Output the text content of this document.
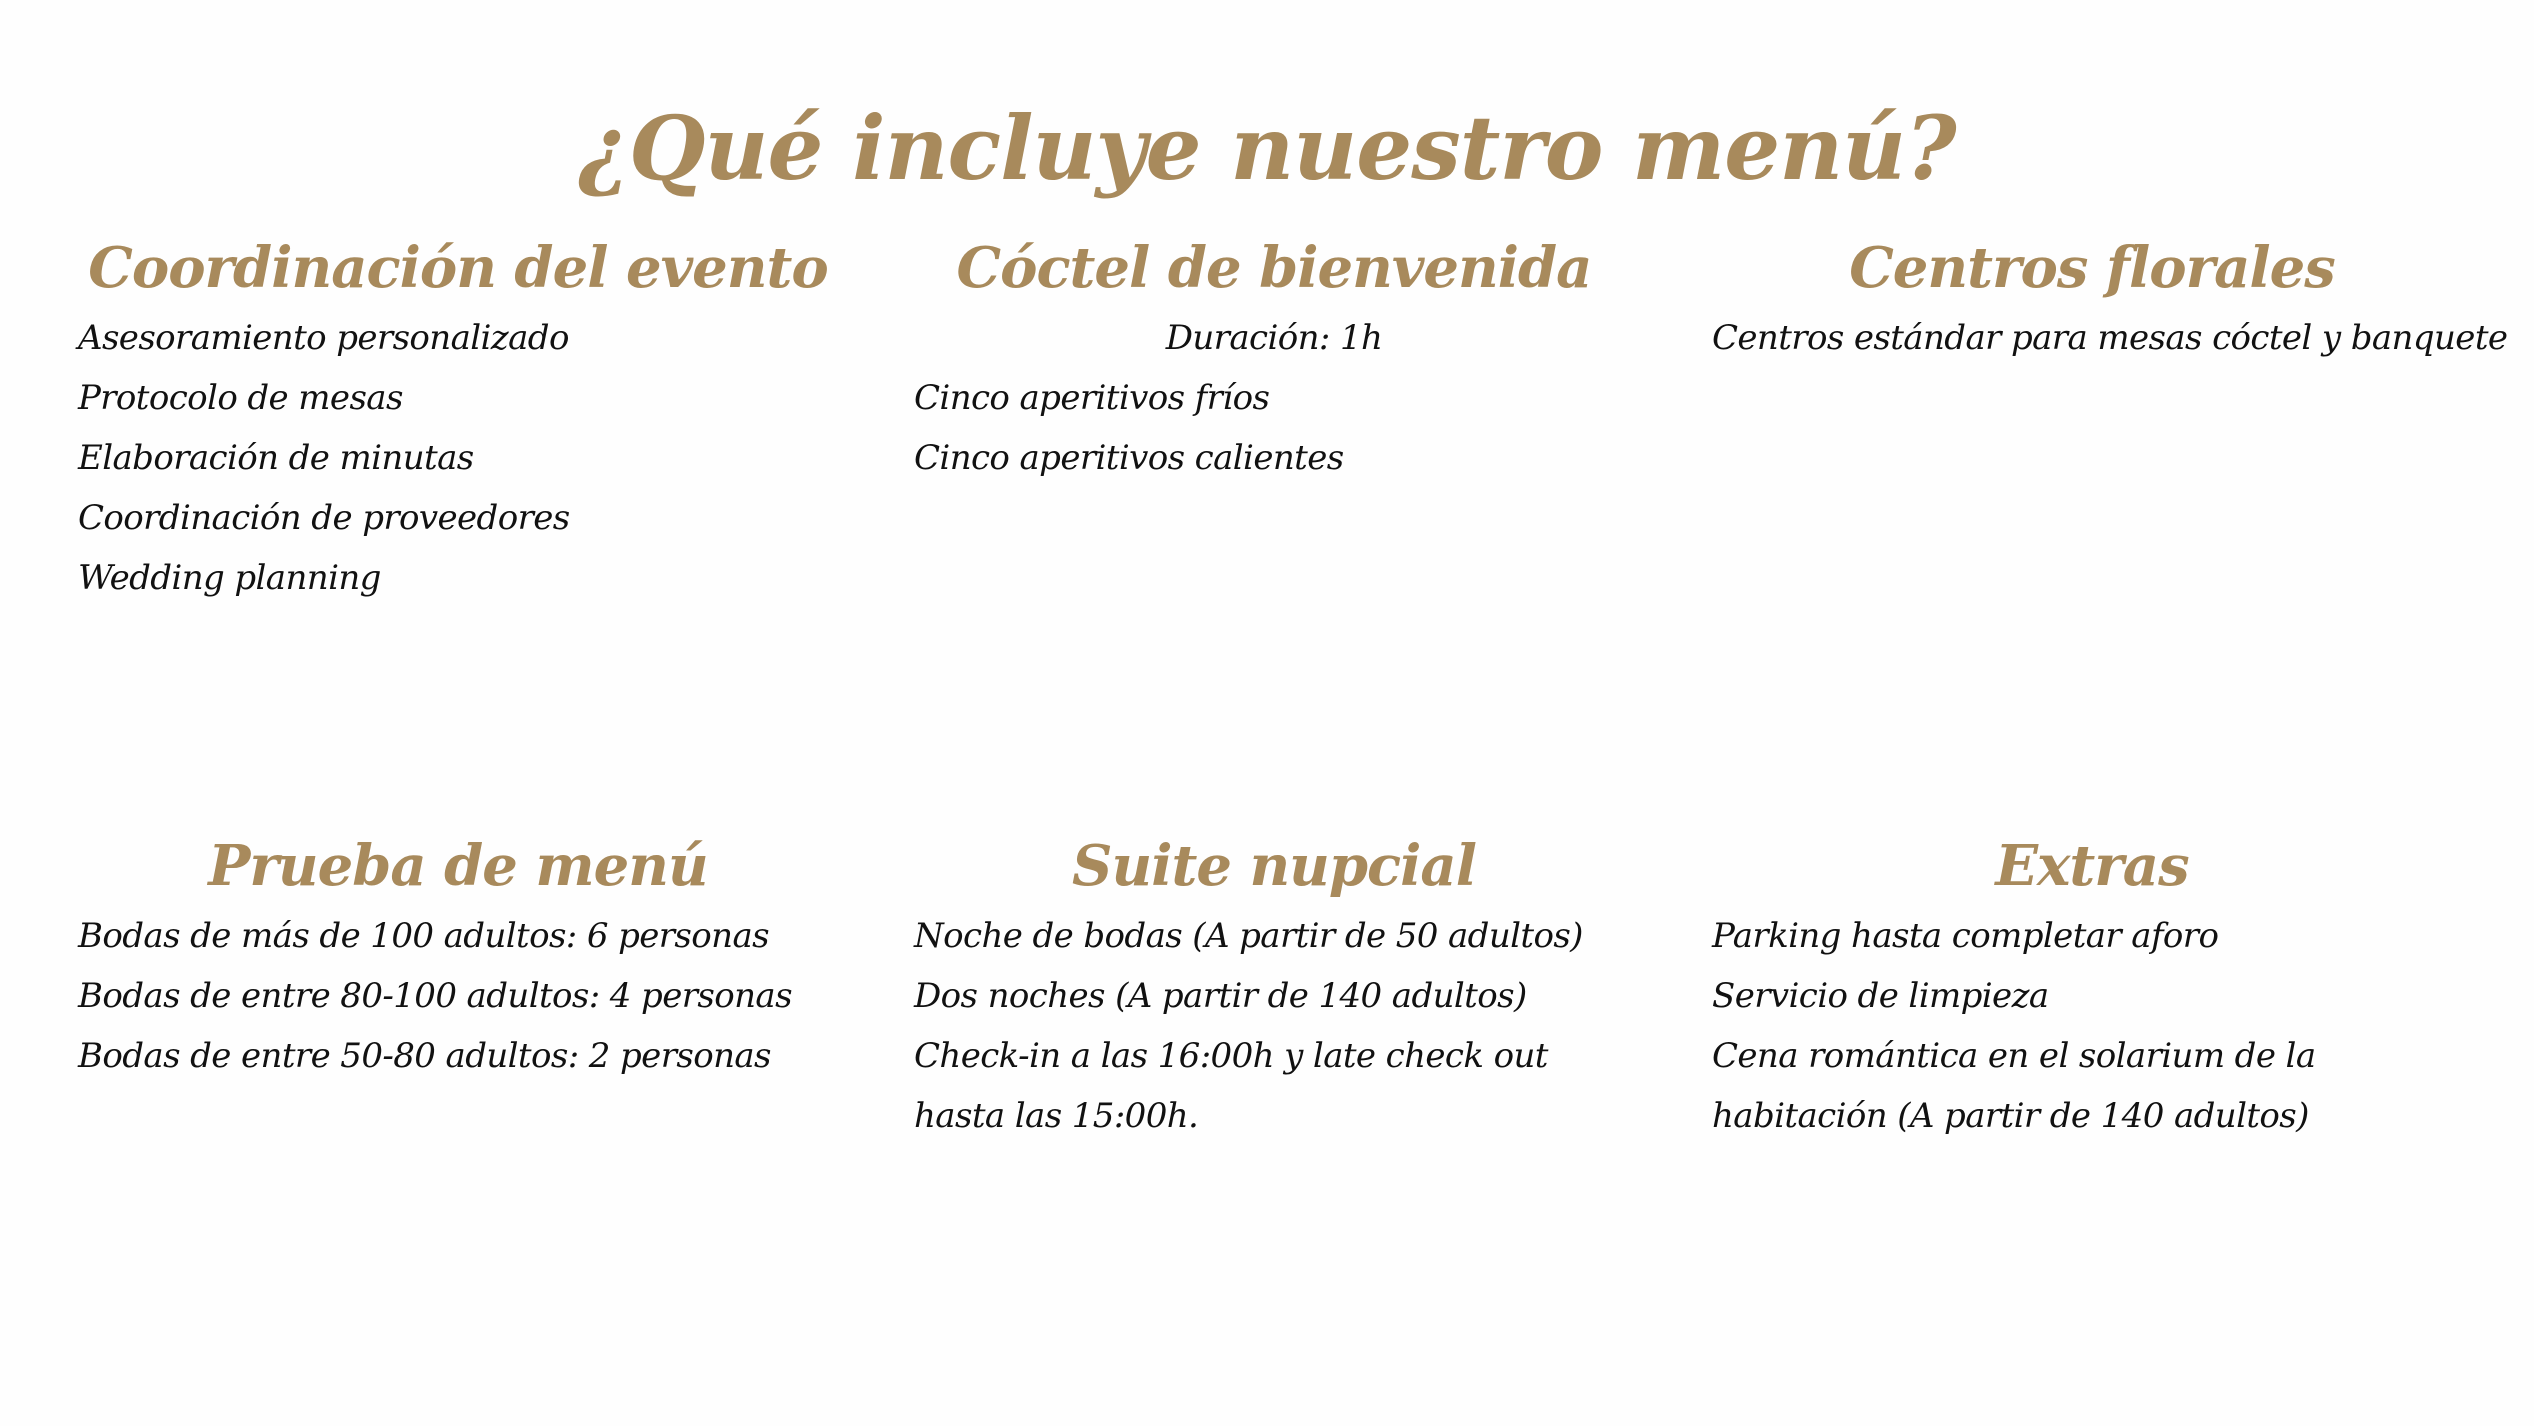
¿Qué incluye nuestro menú?
Coordinación del evento
Asesoramiento personalizado
Protocolo de mesas
Elaboración de minutas
Coordinación de proveedores
Wedding planning
Cóctel de bienvenida
Duración: 1h
Cinco aperitivos fríos
Cinco aperitivos calientes
Centros florales
Centros estándar para mesas cóctel y banquete
Prueba de menú
Bodas de más de 100 adultos: 6 personas
Bodas de entre 80-100 adultos: 4 personas
Bodas de entre 50-80 adultos: 2 personas
Suite nupcial
Noche de bodas (A partir de 50 adultos)
Dos noches (A partir de 140 adultos)
Check-in a las 16:00h y late check out hasta las 15:00h.
Extras
Parking hasta completar aforo
Servicio de limpieza
Cena romántica en el solarium de la habitación (A partir de 140 adultos)
